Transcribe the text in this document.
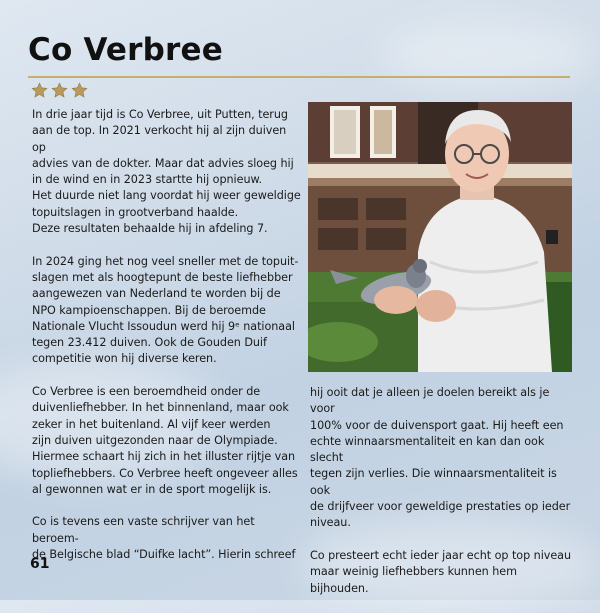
Co Verbree

In drie jaar tijd is Co Verbree, uit Putten, terug
aan de top. In 2021 verkocht hij al zijn duiven op
advies van de dokter. Maar dat advies sloeg hij
in de wind en in 2023 startte hij opnieuw.
Het duurde niet lang voordat hij weer geweldige
topuitslagen in grootverband haalde.
Deze resultaten behaalde hij in afdeling 7.

In 2024 ging het nog veel sneller met de topuit-
slagen met als hoogtepunt de beste liefhebber
aangewezen van Nederland te worden bij de
NPO kampioenschappen. Bij de beroemde
Nationale Vlucht Issoudun werd hij 9ᵉ nationaal
tegen 23.412 duiven. Ook de Gouden Duif
competitie won hij diverse keren.

Co Verbree is een beroemdheid onder de
duivenliefhebber. In het binnenland, maar ook
zeker in het buitenland. Al vijf keer werden
zijn duiven uitgezonden naar de Olympiade.
Hiermee schaart hij zich in het illuster rijtje van
topliefhebbers. Co Verbree heeft ongeveer alles
al gewonnen wat er in de sport mogelijk is.

Co is tevens een vaste schrijver van het beroem-
de Belgische blad “Duifke lacht”. Hierin schreef

hij ooit dat je alleen je doelen bereikt als je voor
100% voor de duivensport gaat. Hij heeft een
echte winnaarsmentaliteit en kan dan ook slecht
tegen zijn verlies. Die winnaarsmentaliteit is ook
de drijfveer voor geweldige prestaties op ieder
niveau.

Co presteert echt ieder jaar echt op top niveau
maar weinig liefhebbers kunnen hem bijhouden.

61
